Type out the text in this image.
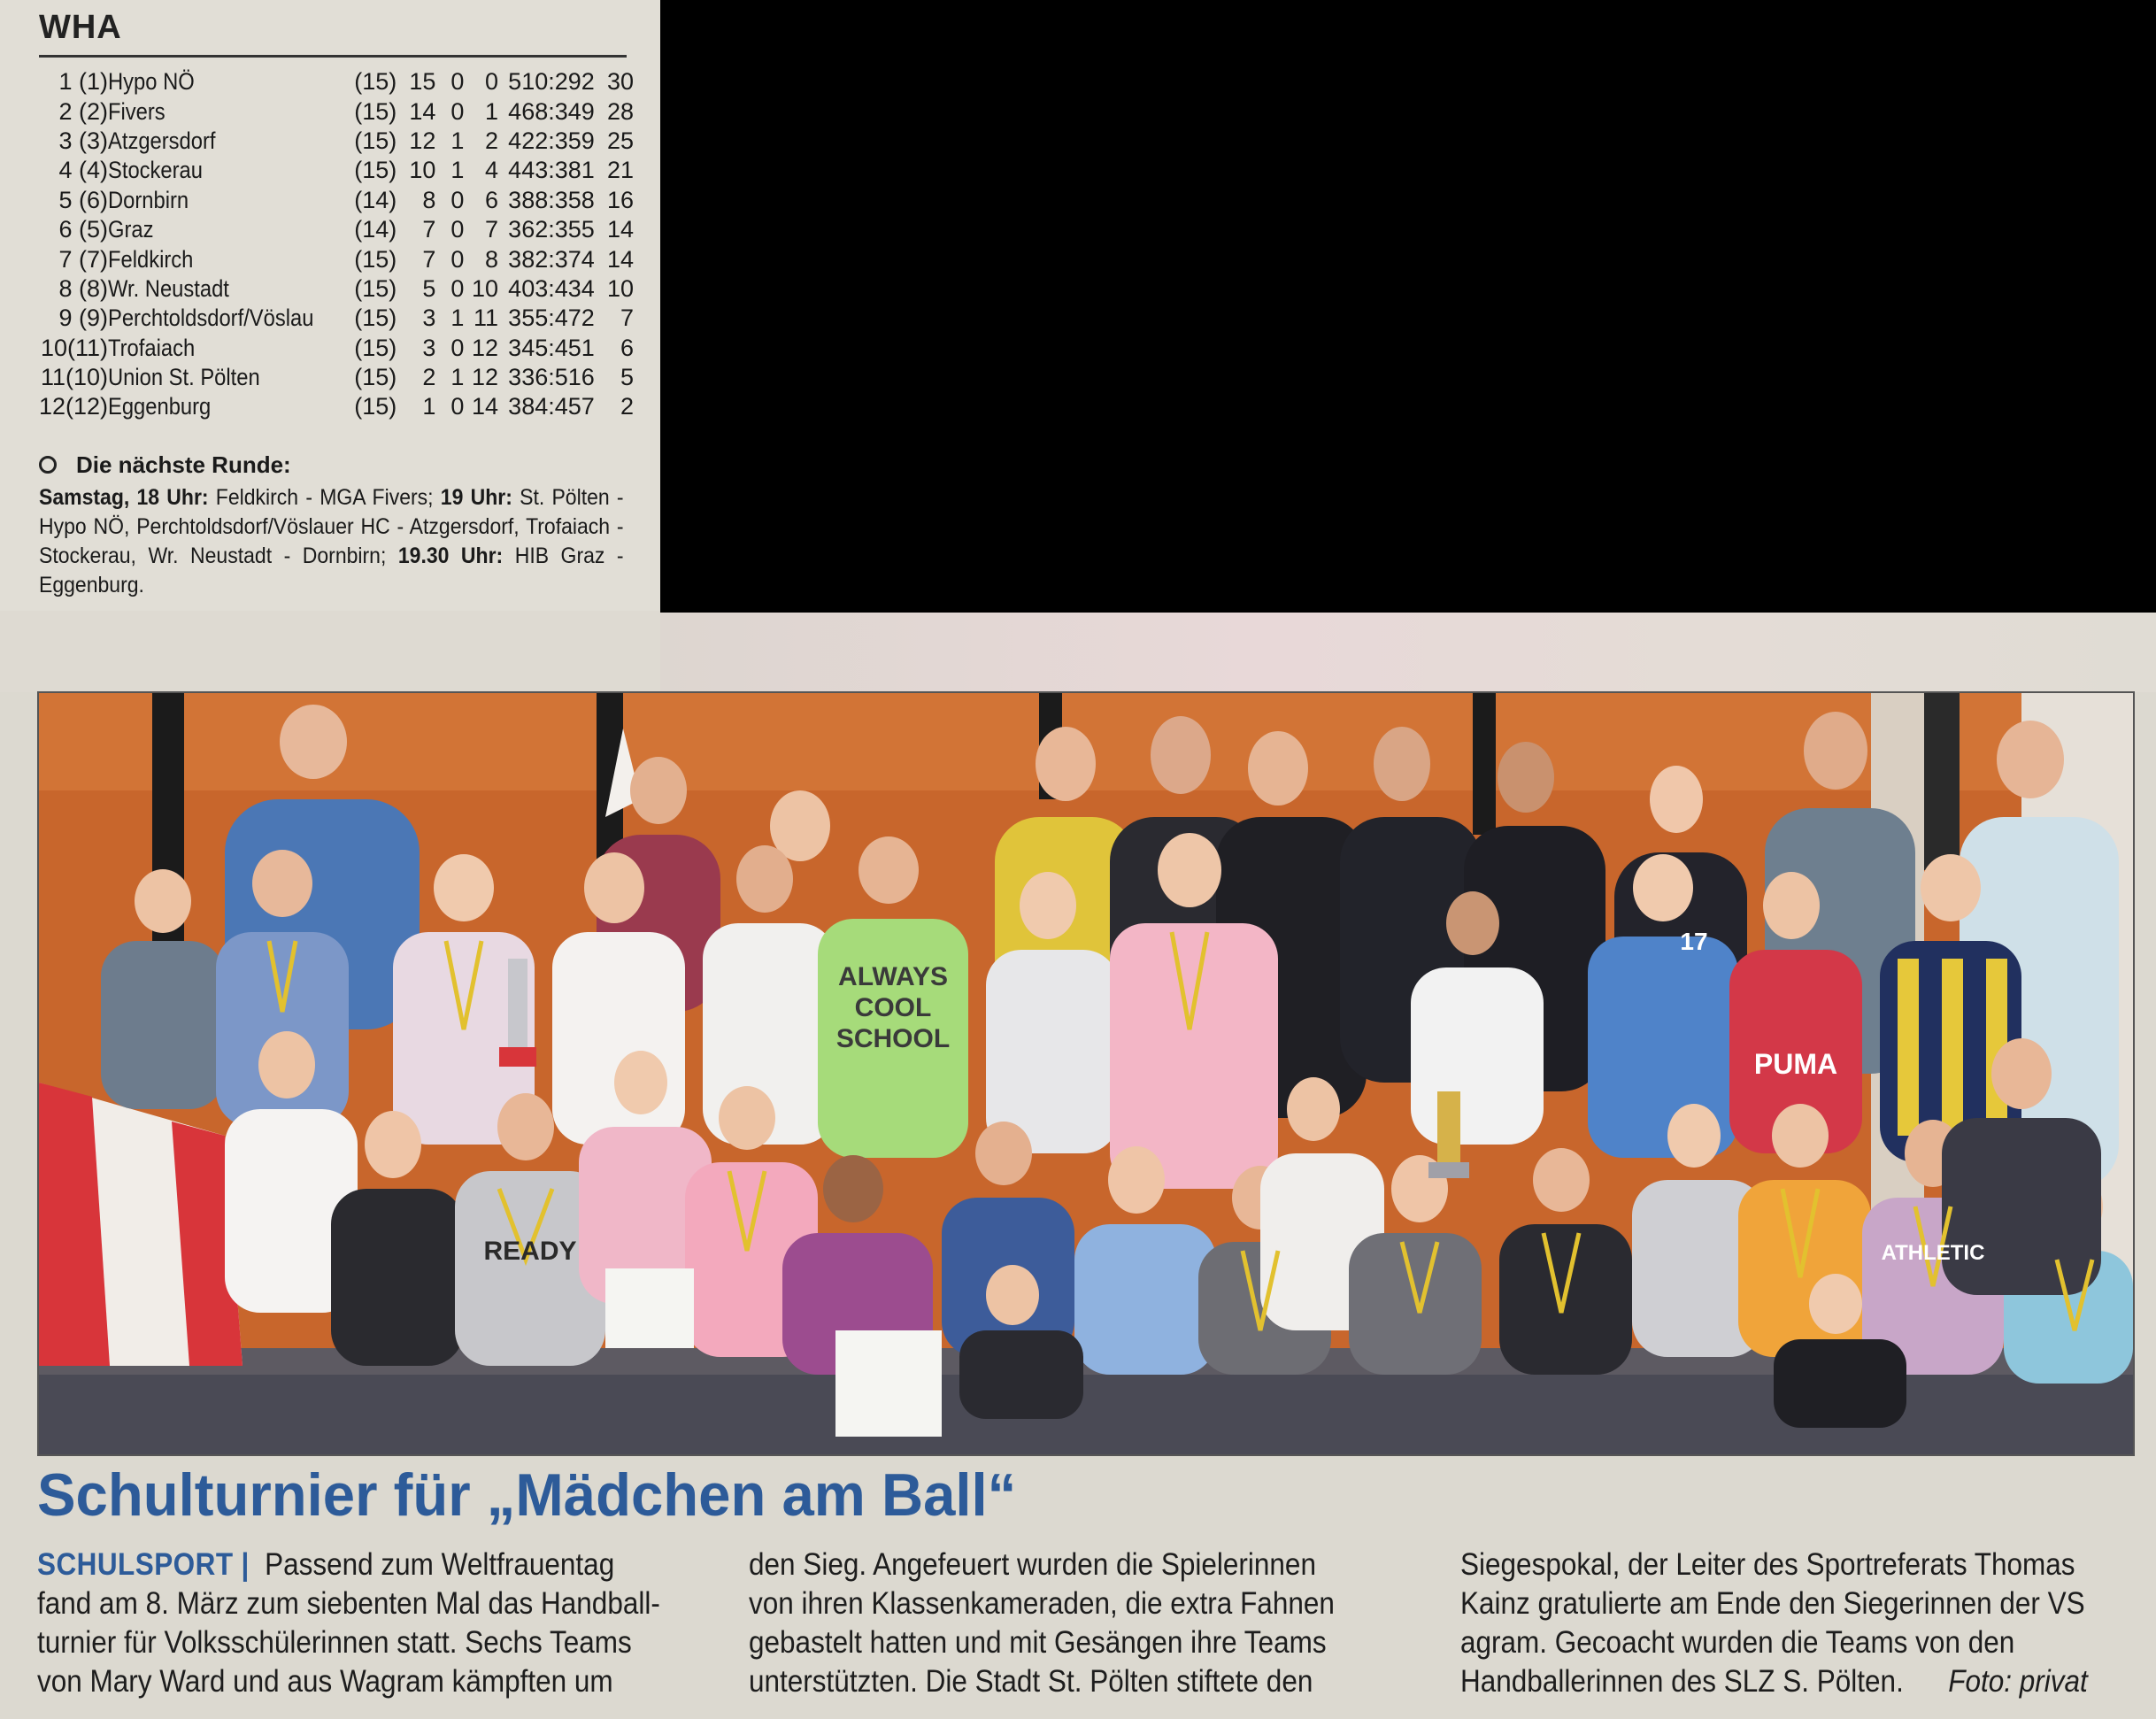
WHA
1 (1)	Hypo NÖ	(15)	15	0	0	510:292	30
2 (2)	Fivers	(15)	14	0	1	468:349	28
3 (3)	Atzgersdorf	(15)	12	1	2	422:359	25
4 (4)	Stockerau	(15)	10	1	4	443:381	21
5 (6)	Dornbirn	(14)	8	0	6	388:358	16
6 (5)	Graz	(14)	7	0	7	362:355	14
7 (7)	Feldkirch	(15)	7	0	8	382:374	14
8 (8)	Wr. Neustadt	(15)	5	0	10	403:434	10
9 (9)	Perchtoldsdorf/Vöslau	(15)	3	1	11	355:472	7
10(11)	Trofaiach	(15)	3	0	12	345:451	6
11(10)	Union St. Pölten	(15)	2	1	12	336:516	5
12(12)	Eggenburg	(15)	1	0	14	384:457	2
Die nächste Runde:
Samstag, 18 Uhr: Feldkirch - MGA Fivers; 19 Uhr: St. Pölten - Hypo NÖ, Perchtoldsdorf/Vöslauer HC - Atzgersdorf, Trofaiach - Stockerau, Wr. Neustadt - Dornbirn; 19.30 Uhr: HIB Graz - Eggenburg.
ALWAYS
COOL
SCHOOL
PUMA
READY
17
ATHLETIC
Schulturnier für „Mädchen am Ball“

SCHULSPORT | Passend zum Weltfrauentag

fand am 8. März zum siebenten Mal das Handball-

turnier für Volksschülerinnen statt. Sechs Teams

von Mary Ward und aus Wagram kämpften um

den Sieg. Angefeuert wurden die Spielerinnen

von ihren Klassenkameraden, die extra Fahnen

gebastelt hatten und mit Gesängen ihre Teams

unterstützten. Die Stadt St. Pölten stiftete den

Siegespokal, der Leiter des Sportreferats Thomas

Kainz gratulierte am Ende den Siegerinnen der VS

agram. Gecoacht wurden die Teams von den

Handballerinnen des SLZ S. Pölten. Foto: privat
